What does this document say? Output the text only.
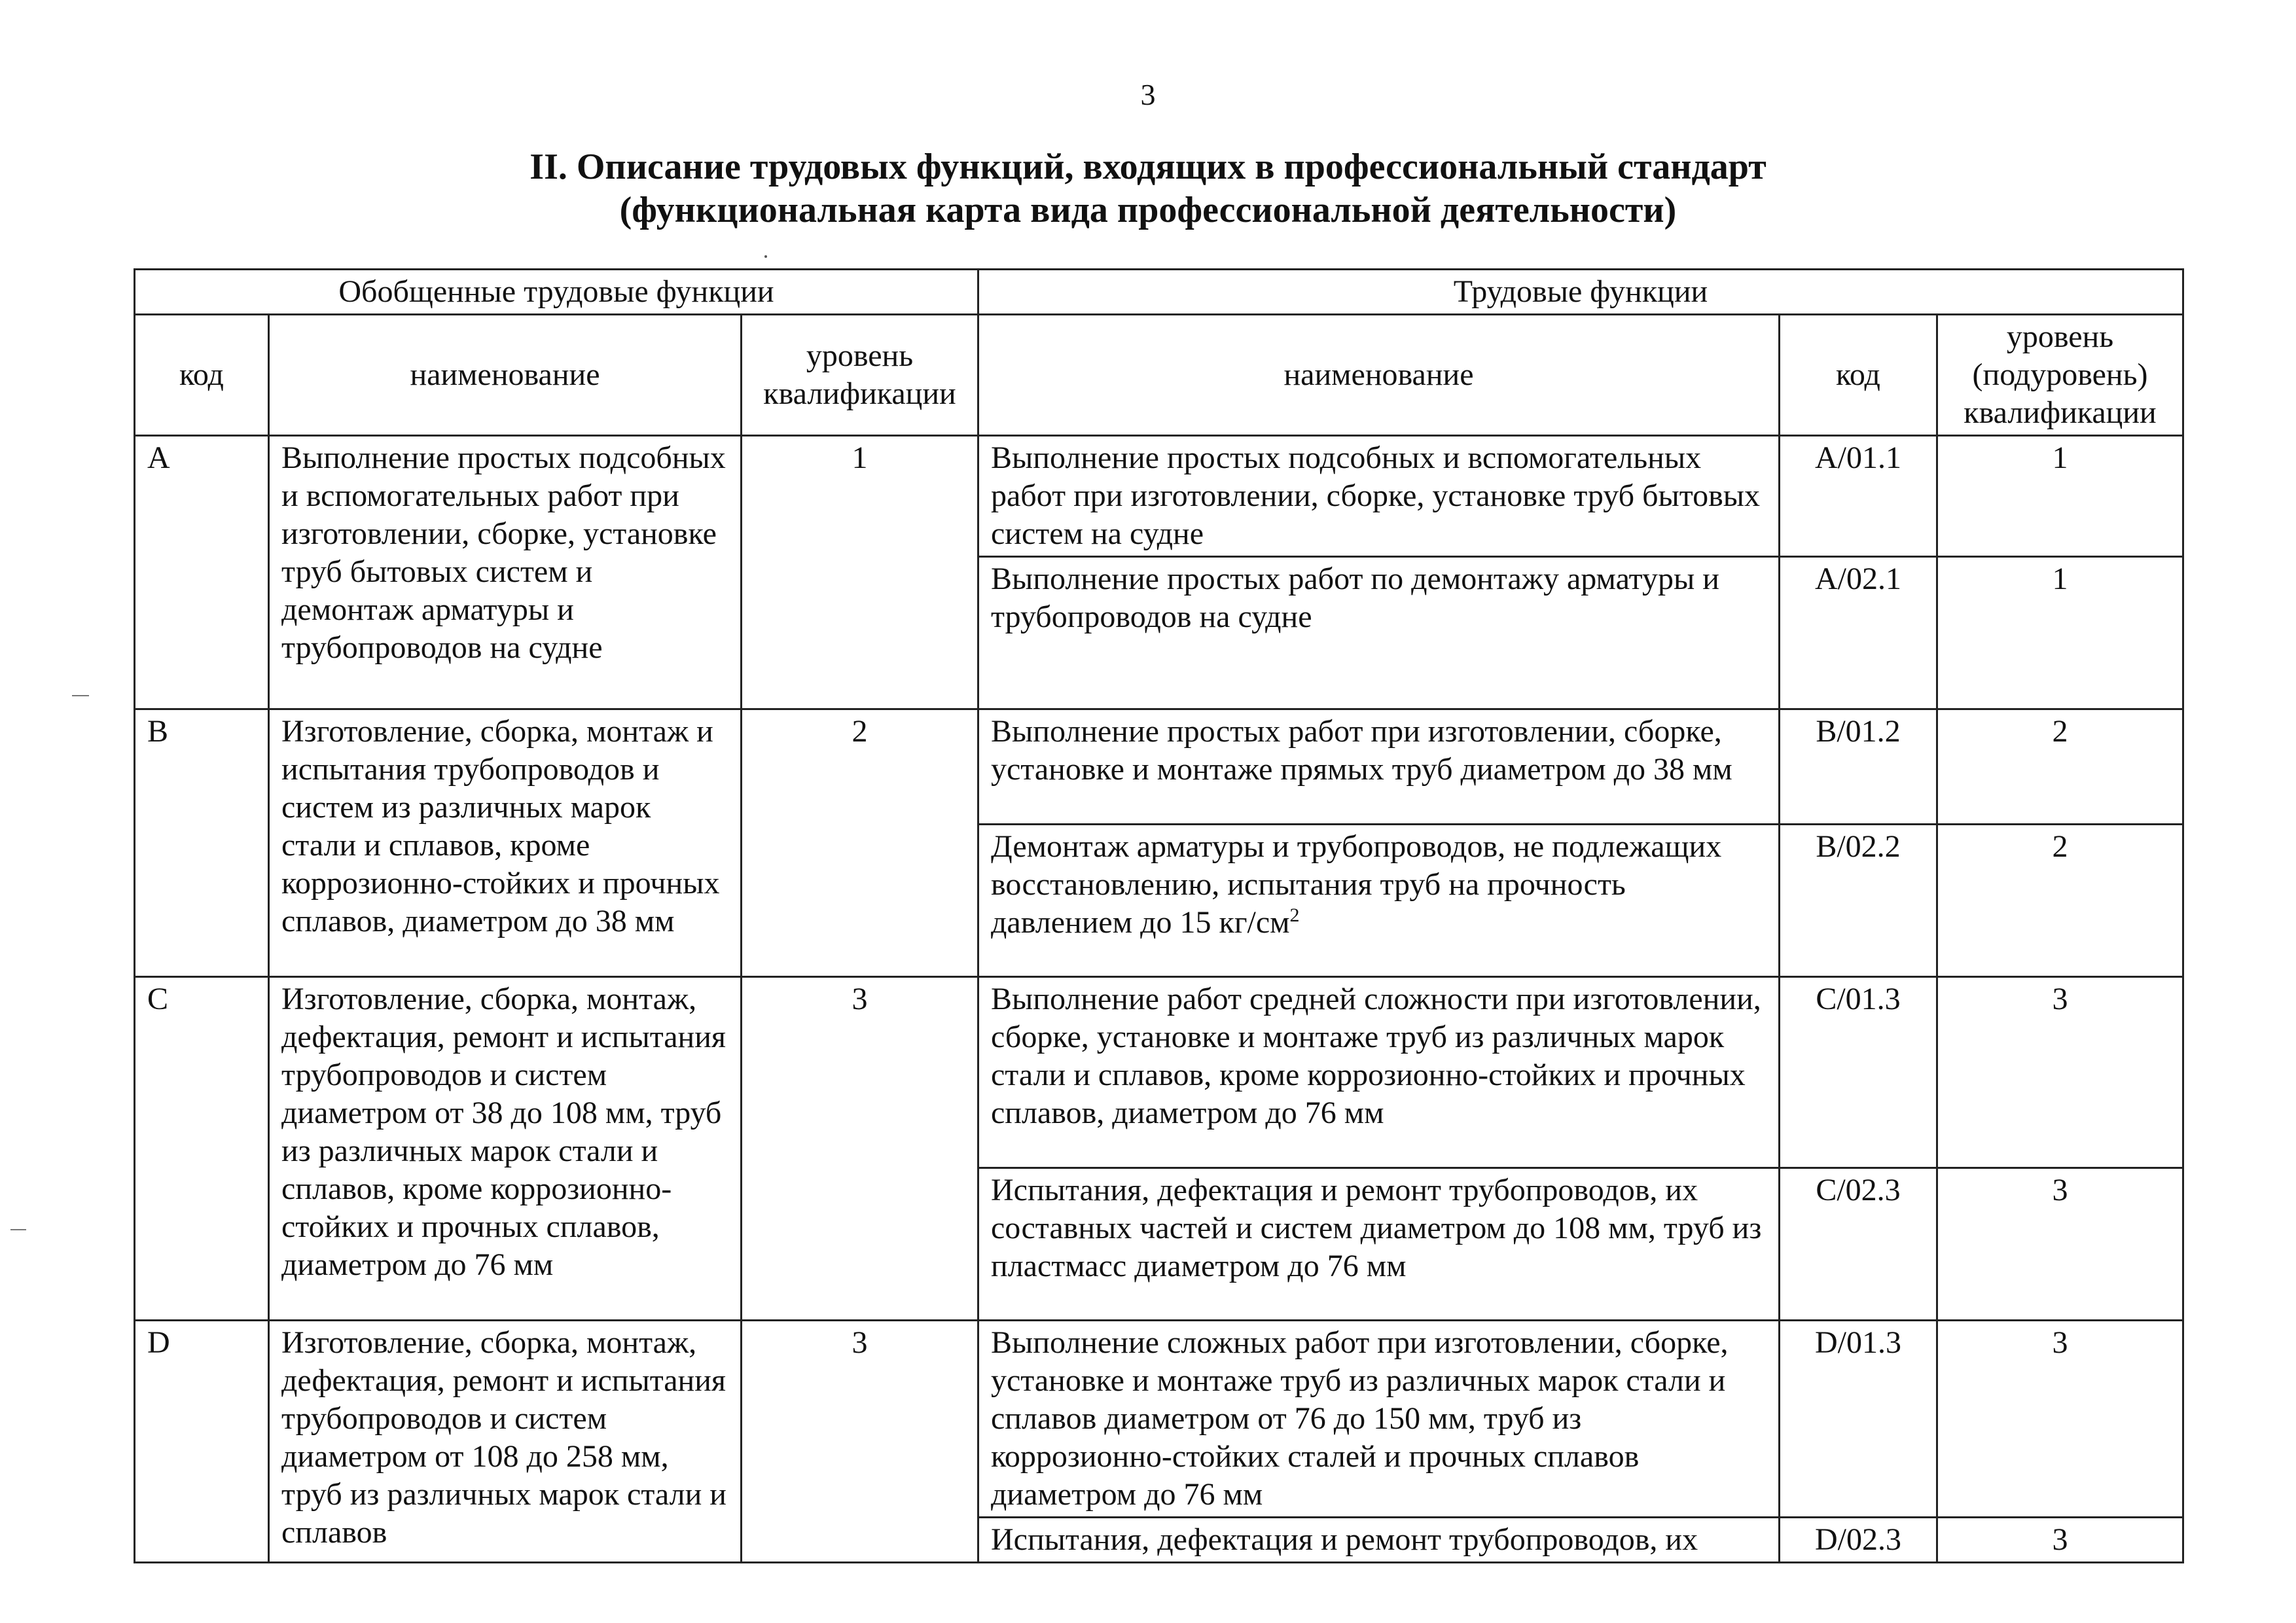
3
II. Описание трудовых функций, входящих в профессиональный стандарт
(функциональная карта вида профессиональной деятельности)
Обобщенные трудовые функции			Трудовые функции		
код	наименование	уровень квалификации	наименование	код	уровень (подуровень) квалификации
A	Выполнение простых подсобных и вспомогательных работ при изготовлении, сборке, установке труб бытовых систем и демонтаж арматуры и трубопроводов на судне	1	Выполнение простых подсобных и вспомогательных работ при изготовлении, сборке, установке труб бытовых систем на судне	A/01.1	1
			Выполнение простых работ по демонтажу арматуры и трубопроводов на судне	A/02.1	1
B	Изготовление, сборка, монтаж и испытания трубопроводов и систем из различных марок стали и сплавов, кроме коррозионно-стойких и прочных сплавов, диаметром до 38 мм	2	Выполнение простых работ при изготовлении, сборке, установке и монтаже прямых труб диаметром до 38 мм	B/01.2	2
			Демонтаж арматуры и трубопроводов, не подлежащих восстановлению, испытания труб на прочность давлением до 15 $кг/см^2$	B/02.2	2
C	Изготовление, сборка, монтаж, дефектация, ремонт и испытания трубопроводов и систем диаметром от 38 до 108 мм, труб из различных марок стали и сплавов, кроме коррозионно-стойких и прочных сплавов, диаметром до 76 мм	3	Выполнение работ средней сложности при изготовлении, сборке, установке и монтаже труб из различных марок стали и сплавов, кроме коррозионно-стойких и прочных сплавов, диаметром до 76 мм	C/01.3	3
			Испытания, дефектация и ремонт трубопроводов, их составных частей и систем диаметром до 108 мм, труб из пластмасс диаметром до 76 мм	C/02.3	3
D	Изготовление, сборка, монтаж, дефектация, ремонт и испытания трубопроводов и систем диаметром от 108 до 258 мм, труб из различных марок стали и сплавов	3	Выполнение сложных работ при изготовлении, сборке, установке и монтаже труб из различных марок стали и сплавов диаметром от 76 до 150 мм, труб из коррозионно-стойких сталей и прочных сплавов диаметром до 76 мм	D/01.3	3
			Испытания, дефектация и ремонт трубопроводов, их	D/02.3	3
